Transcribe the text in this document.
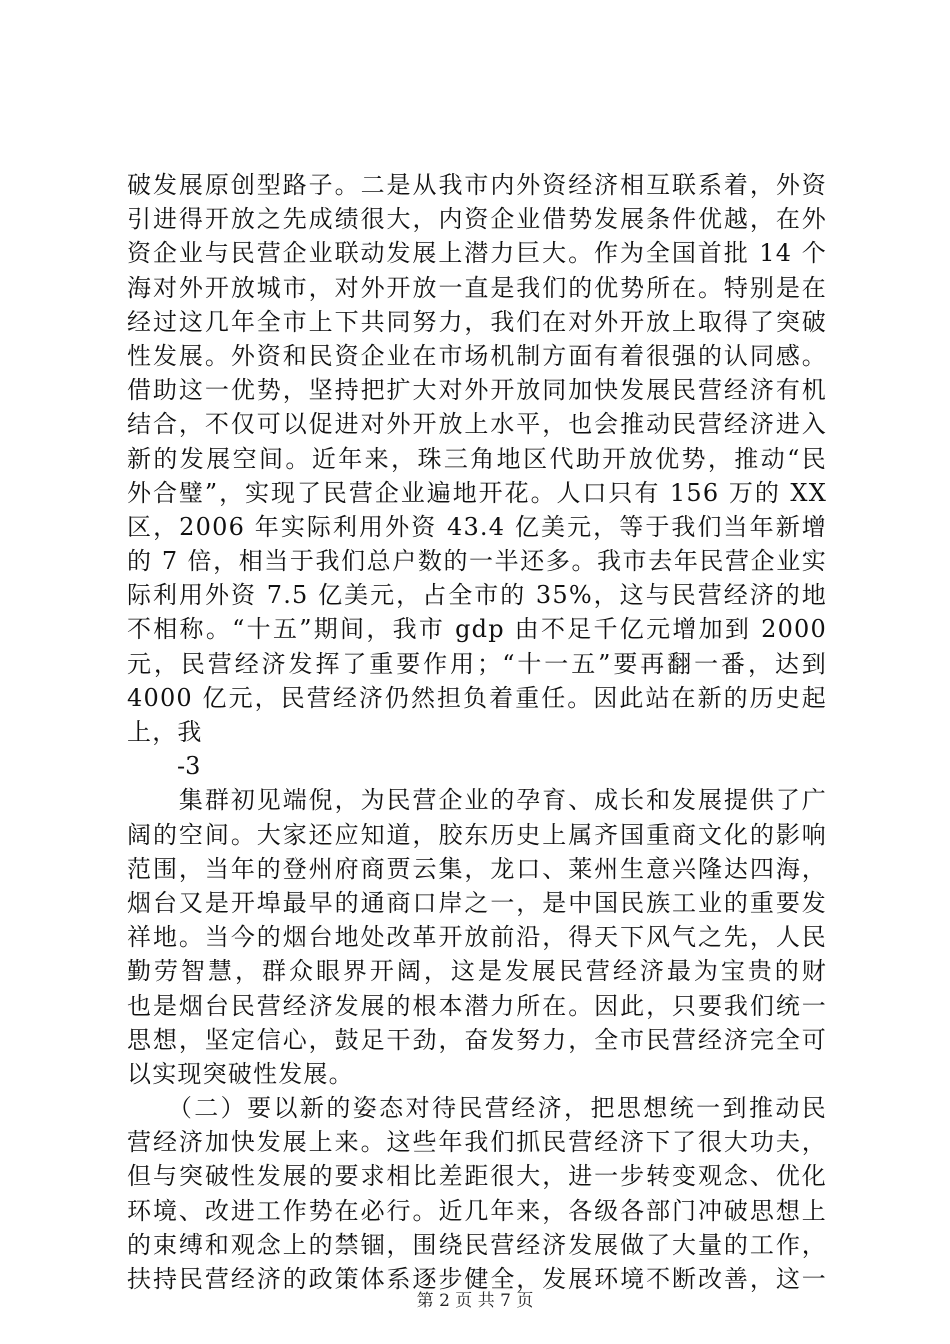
破发展原创型路子。二是从我市内外资经济相互联系着，外资
引进得开放之先成绩很大，内资企业借势发展条件优越，在外
资企业与民营企业联动发展上潜力巨大。作为全国首批 14 个
海对外开放城市，对外开放一直是我们的优势所在。特别是在
经过这几年全市上下共同努力，我们在对外开放上取得了突破
性发展。外资和民资企业在市场机制方面有着很强的认同感。
借助这一优势，坚持把扩大对外开放同加快发展民营经济有机
结合，不仅可以促进对外开放上水平，也会推动民营经济进入
新的发展空间。近年来，珠三角地区代助开放优势，推动“民
外合璧”，实现了民营企业遍地开花。人口只有 156 万的 XX
区，2006 年实际利用外资 43.4 亿美元，等于我们当年新增
的 7 倍，相当于我们总户数的一半还多。我市去年民营企业实
际利用外资 7.5 亿美元，占全市的 35%，这与民营经济的地
不相称。“十五”期间，我市 gdp 由不足千亿元增加到 2000
元，民营经济发挥了重要作用；“十一五”要再翻一番，达到
4000 亿元，民营经济仍然担负着重任。因此站在新的历史起
上，我
-3
　　集群初见端倪，为民营企业的孕育、成长和发展提供了广
阔的空间。大家还应知道，胶东历史上属齐国重商文化的影响
范围，当年的登州府商贾云集，龙口、莱州生意兴隆达四海，
烟台又是开埠最早的通商口岸之一，是中国民族工业的重要发
祥地。当今的烟台地处改革开放前沿，得天下风气之先，人民
勤劳智慧，群众眼界开阔，这是发展民营经济最为宝贵的财
也是烟台民营经济发展的根本潜力所在。因此，只要我们统一
思想，坚定信心，鼓足干劲，奋发努力，全市民营经济完全可
以实现突破性发展。
　　（二）要以新的姿态对待民营经济，把思想统一到推动民
营经济加快发展上来。这些年我们抓民营经济下了很大功夫，
但与突破性发展的要求相比差距很大，进一步转变观念、优化
环境、改进工作势在必行。近几年来，各级各部门冲破思想上
的束缚和观念上的禁锢，围绕民营经济发展做了大量的工作，
扶持民营经济的政策体系逐步健全，发展环境不断改善，这一
第 2 页 共 7 页
